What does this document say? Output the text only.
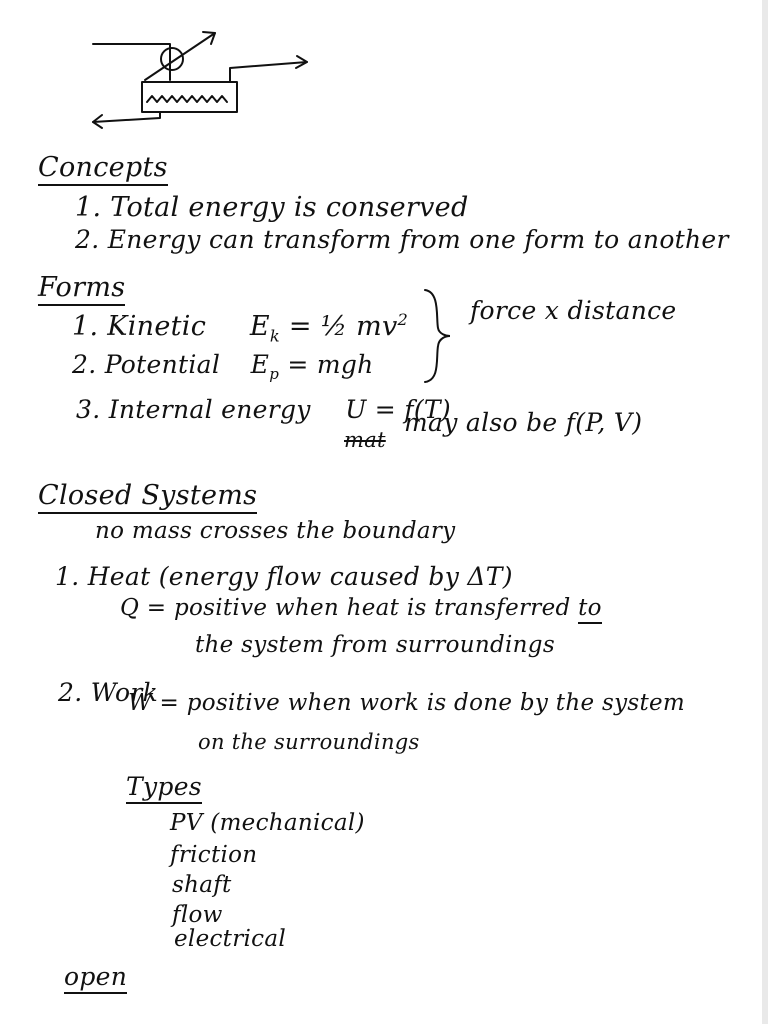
Concepts
1. Total energy is conserved
2. Energy can transform from one form to another
Forms
1. Kinetic $E_k$ = ½ $mv^2$
2. Potential $E_p$ = mgh
force x distance
3. Internal energy U = f(T)
mat
may also be f(P, V)
Closed Systems
no mass crosses the boundary
1. Heat (energy flow caused by ΔT)
Q = positive when heat is transferred to
the system from surroundings
2. Work
W = positive when work is done by the system
on the surroundings
Types
PV (mechanical)
friction
shaft
flow
electrical
open
